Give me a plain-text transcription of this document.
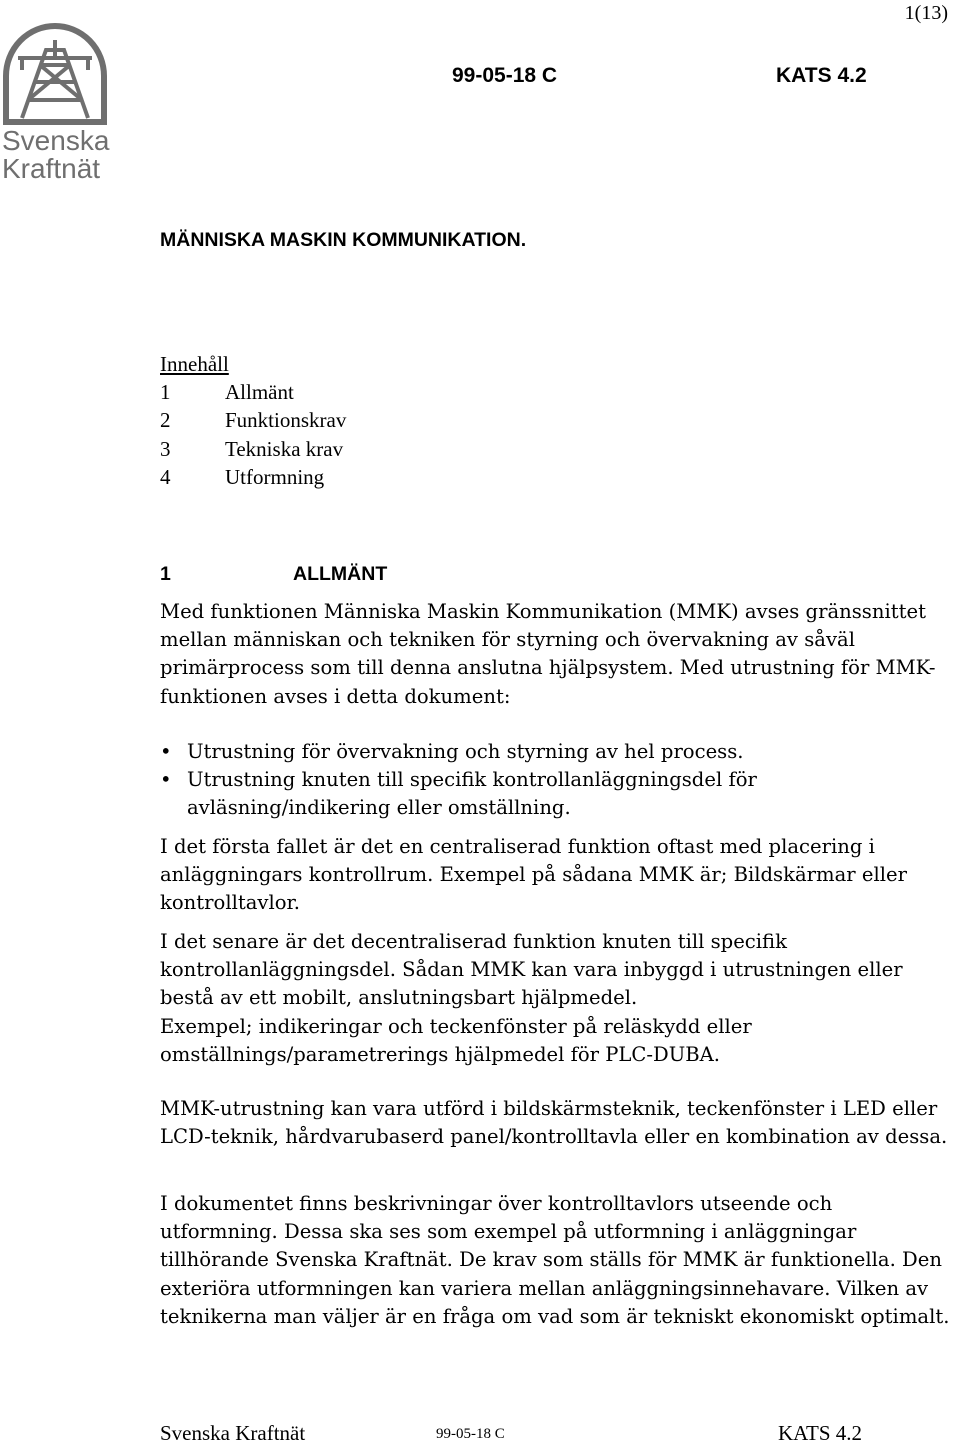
1(13)
Svenska
Kraftnät
99-05-18 C	KATS 4.2
MÄNNISKA MASKIN KOMMUNIKATION.
Innehåll
1	Allmänt
2	Funktionskrav
3	Tekniska krav
4	Utformning
1	ALLMÄNT

Med funktionen Människa Maskin Kommunikation (MMK) avses gränssnittet mellan människan och tekniken för styrning och övervakning av såväl primärprocess som till denna anslutna hjälpsystem. Med utrustning för MMK-funktionen avses i detta dokument:

• Utrustning för övervakning och styrning av hel process.
• Utrustning knuten till specifik kontrollanläggningsdel för avläsning/indikering eller omställning.

I det första fallet är det en centraliserad funktion oftast med placering i anläggningars kontrollrum. Exempel på sådana MMK är; Bildskärmar eller kontrolltavlor.

I det senare är det decentraliserad funktion knuten till specifik kontrollanläggningsdel. Sådan MMK kan vara inbyggd i utrustningen eller bestå av ett mobilt, anslutningsbart hjälpmedel.
Exempel; indikeringar och teckenfönster på reläskydd eller omställnings/parametrerings hjälpmedel för PLC-DUBA.

MMK-utrustning kan vara utförd i bildskärmsteknik, teckenfönster i LED eller LCD-teknik, hårdvarubaserd panel/kontrolltavla eller en kombination av dessa.

I dokumentet finns beskrivningar över kontrolltavlors utseende och utformning. Dessa ska ses som exempel på utformning i anläggningar tillhörande Svenska Kraftnät. De krav som ställs för MMK är funktionella. Den exteriöra utformningen kan variera mellan anläggningsinnehavare. Vilken av teknikerna man väljer är en fråga om vad som är tekniskt ekonomiskt optimalt.

Svenska Kraftnät	99-05-18 C	KATS 4.2
